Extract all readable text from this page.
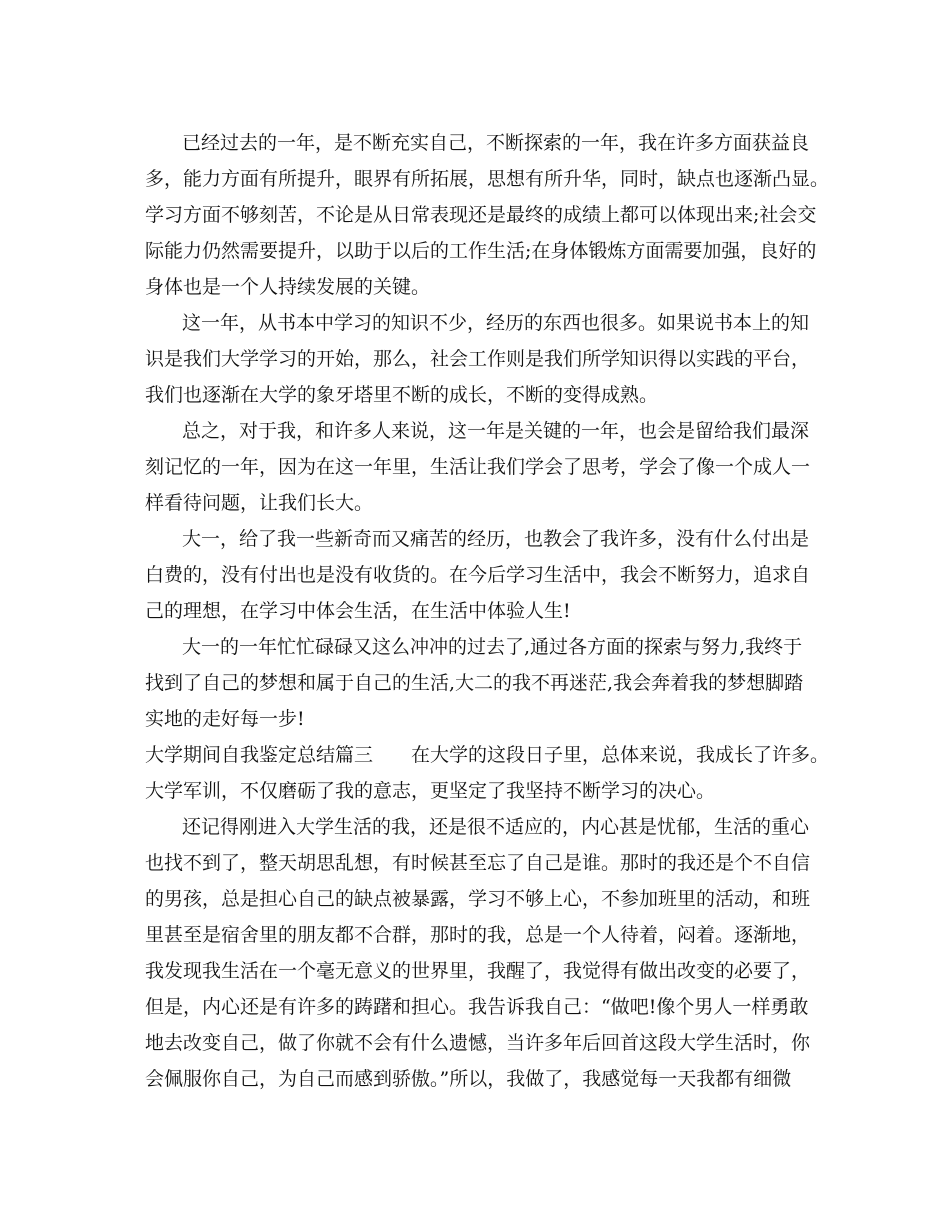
已经过去的一年，是不断充实自己，不断探索的一年，我在许多方面获益良
多，能力方面有所提升，眼界有所拓展，思想有所升华，同时，缺点也逐渐凸显。
学习方面不够刻苦，不论是从日常表现还是最终的成绩上都可以体现出来;社会交
际能力仍然需要提升，以助于以后的工作生活;在身体锻炼方面需要加强，良好的
身体也是一个人持续发展的关键。
这一年，从书本中学习的知识不少，经历的东西也很多。如果说书本上的知
识是我们大学学习的开始，那么，社会工作则是我们所学知识得以实践的平台，
我们也逐渐在大学的象牙塔里不断的成长，不断的变得成熟。
总之，对于我，和许多人来说，这一年是关键的一年，也会是留给我们最深
刻记忆的一年，因为在这一年里，生活让我们学会了思考，学会了像一个成人一
样看待问题，让我们长大。
大一，给了我一些新奇而又痛苦的经历，也教会了我许多，没有什么付出是
白费的，没有付出也是没有收货的。在今后学习生活中，我会不断努力，追求自
己的理想，在学习中体会生活，在生活中体验人生!
大一的一年忙忙碌碌又这么冲冲的过去了,通过各方面的探索与努力,我终于
找到了自己的梦想和属于自己的生活,大二的我不再迷茫,我会奔着我的梦想脚踏
实地的走好每一步!
大学期间自我鉴定总结篇三　　在大学的这段日子里，总体来说，我成长了许多。
大学军训，不仅磨砺了我的意志，更坚定了我坚持不断学习的决心。
还记得刚进入大学生活的我，还是很不适应的，内心甚是忧郁，生活的重心
也找不到了，整天胡思乱想，有时候甚至忘了自己是谁。那时的我还是个不自信
的男孩，总是担心自己的缺点被暴露，学习不够上心，不参加班里的活动，和班
里甚至是宿舍里的朋友都不合群，那时的我，总是一个人待着，闷着。逐渐地，
我发现我生活在一个毫无意义的世界里，我醒了，我觉得有做出改变的必要了，
但是，内心还是有许多的踌躇和担心。我告诉我自己：“做吧!像个男人一样勇敢
地去改变自己，做了你就不会有什么遗憾，当许多年后回首这段大学生活时，你
会佩服你自己，为自己而感到骄傲。”所以，我做了，我感觉每一天我都有细微
